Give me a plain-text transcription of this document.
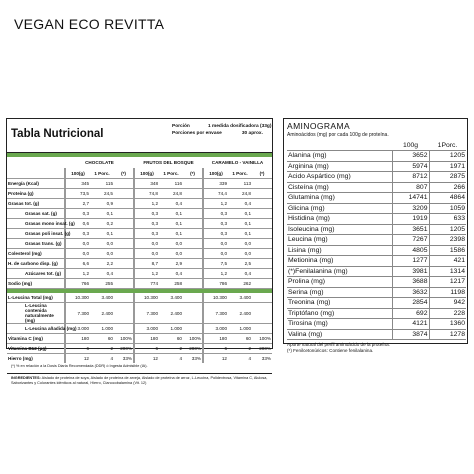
VEGAN ECO REVITTA
Tabla Nutricional
Porción	1 medida dosificadora (33g)
Porciones por envase	30 aprox.
CHOCOLATE	FRUTOS DEL BOSQUE	CARAMELO - VAINILLA
	100(g)	1 Porc.	(*)	100(g)	1 Porc.	(*)	100(g)	1 Porc.	(*)
Energía (Kcal)	345	115		348	116		339	113	
Proteína (g)	73,5	24,5		74,8	24,8		74,4	24,8	
Grasas tot. (g)	2,7	0,9		1,2	0,4		1,2	0,4	
Grasas sat. (g)	0,3	0,1		0,3	0,1		0,3	0,1	
Grasas mono insat. (g)	0,6	0,2		0,3	0,1		0,3	0,1	
Grasas poli insat. (g)	0,3	0,1		0,3	0,1		0,3	0,1	
Grasas trans. (g)	0,0	0,0		0,0	0,0		0,0	0,0	
Colesterol (mg)	0,0	0,0		0,0	0,0		0,0	0,0	
H. de carbono disp. (g)	6,6	2,2		8,7	2,9		7,5	2,5	
Azúcares tot. (g)	1,2	0,4		1,2	0,4		1,2	0,4	
Sodio (mg)	766	255		774	258		786	262	

L-Leucina Total (mg)	10.300	3.400		10.300	3.400		10.300	3.400	
L-Leucina contenida naturalmente (mg)	7.300	2.400		7.300	2.400		7.300	2.400	
L-Leucina añadida (mg)	3.000	1.000		3.000	1.000		3.000	1.000	
Vitamina C (mg)	180	60	100%	180	60	100%	180	60	100%
Vitamina B12 (µg)	6	2	200%	6	2	200%	6	2	200%
Hierro (mg)	12	4	33%	12	4	33%	12	4	33%
(*) % en relación a la Dosis Diaria Recomendada (DDR) ó Ingesta Admisible (IA).
INGREDIENTES: Aislado de proteína de soya, Aislado de proteína de arveja, Aislado de proteína de arroz, L-Leucina, Polidextrosa, Vitamina C, Alulosa, Saborizantes y Colorantes idénticos al natural, Hierro, Cianocobalamina (Vit. 12)
AMINOGRAMA
Aminoácidos (mg) por cada 100g de proteína.
	100g	1Porc.
Alanina (mg)	3652	1205
Arginina (mg)	5974	1971
Acido Aspártico (mg)	8712	2875
Cisteína (mg)	807	266
Glutamina (mg)	14741	4864
Glicina (mg)	3209	1059
Histidina (mg)	1919	633
Isoleucina (mg)	3651	1205
Leucina (mg)	7267	2398
Lisina (mg)	4805	1586
Metionina (mg)	1277	421
(*)Fenilalanina (mg)	3981	1314
Prolina (mg)	3688	1217
Serina (mg)	3632	1198
Treonina (mg)	2854	942
Triptófano (mg)	692	228
Tirosina (mg)	4121	1360
Valina (mg)	3874	1278
Aporte natural del perfil aminoácido de la proteína.
(*) Fenilcetonúricos: Contiene fenilalanina.
